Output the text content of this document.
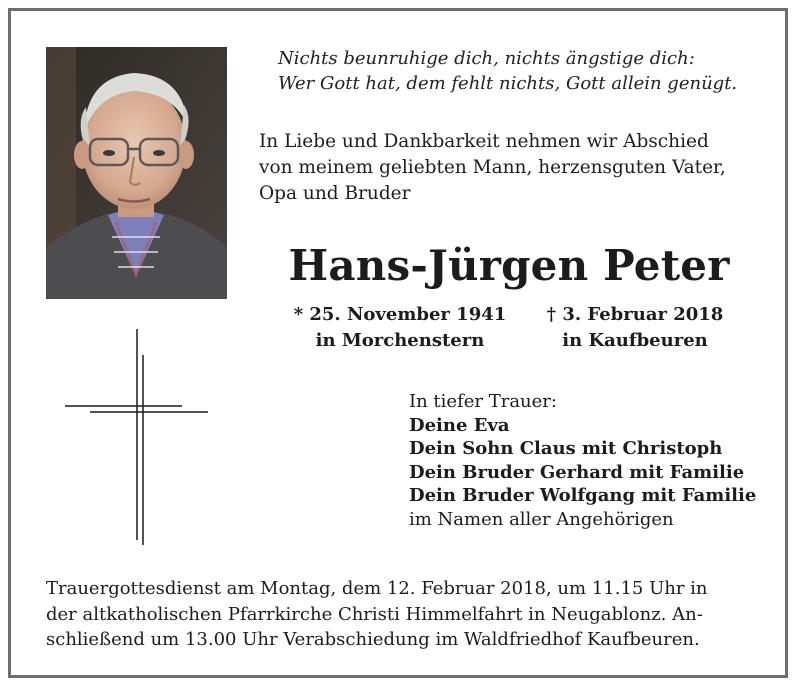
Nichts beunruhige dich, nichts ängstige dich:
Wer Gott hat, dem fehlt nichts, Gott allein genügt.
In Liebe und Dankbarkeit nehmen wir Abschied
von meinem geliebten Mann, herzensguten Vater,
Opa und Bruder
Hans-Jürgen Peter
* 25. November 1941
in Morchenstern
† 3. Februar 2018
in Kaufbeuren
In tiefer Trauer:
Deine Eva
Dein Sohn Claus mit Christoph
Dein Bruder Gerhard mit Familie
Dein Bruder Wolfgang mit Familie
im Namen aller Angehörigen
Trauergottesdienst am Montag, dem 12. Februar 2018, um 11.15 Uhr in
der altkatholischen Pfarrkirche Christi Himmelfahrt in Neugablonz. An-
schließend um 13.00 Uhr Verabschiedung im Waldfriedhof Kaufbeuren.
